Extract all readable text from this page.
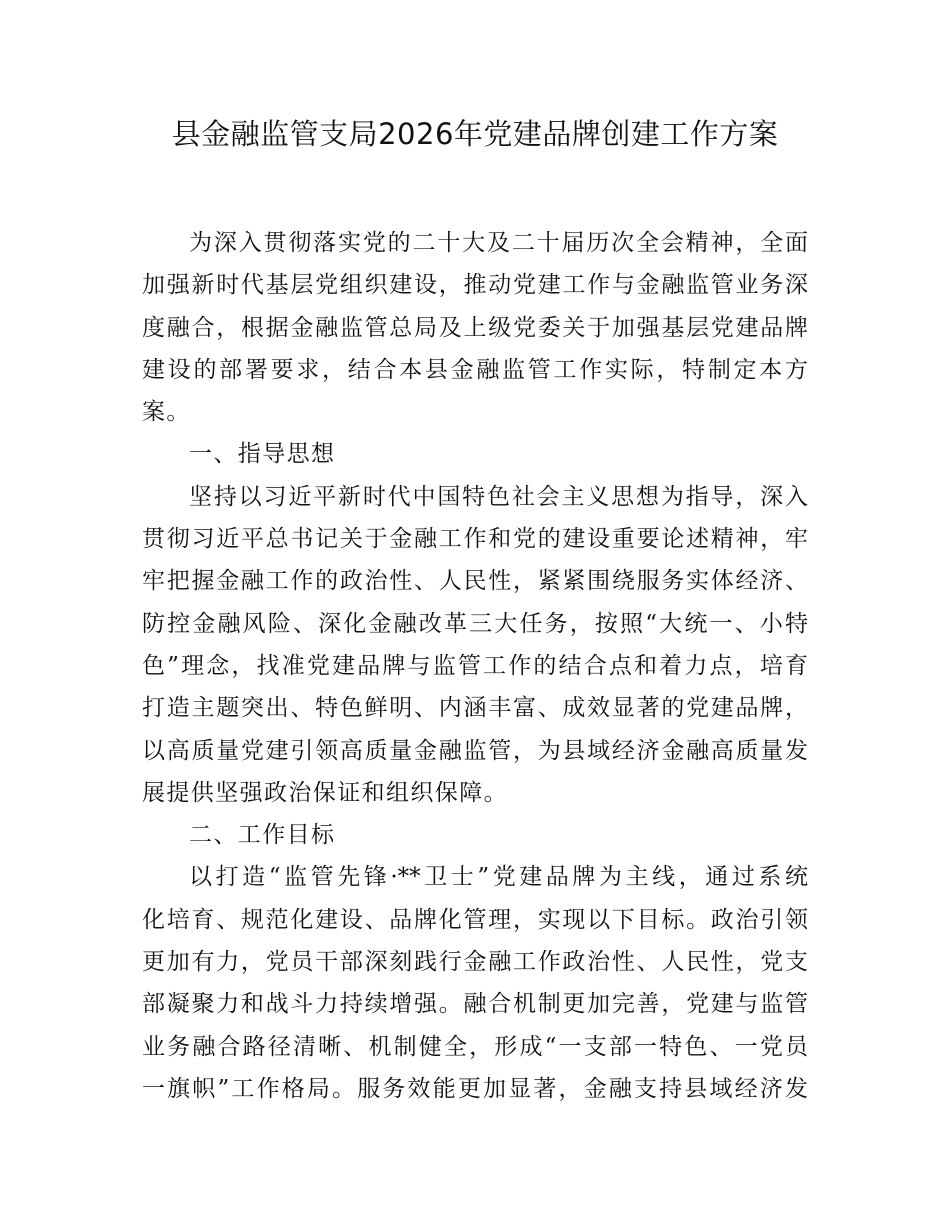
县金融监管支局2026年党建品牌创建工作方案
为深入贯彻落实党的二十大及二十届历次全会精神，全面
加强新时代基层党组织建设，推动党建工作与金融监管业务深
度融合，根据金融监管总局及上级党委关于加强基层党建品牌
建设的部署要求，结合本县金融监管工作实际，特制定本方
案。
一、指导思想
坚持以习近平新时代中国特色社会主义思想为指导，深入
贯彻习近平总书记关于金融工作和党的建设重要论述精神，牢
牢把握金融工作的政治性、人民性，紧紧围绕服务实体经济、
防控金融风险、深化金融改革三大任务，按照“大统一、小特
色”理念，找准党建品牌与监管工作的结合点和着力点，培育
打造主题突出、特色鲜明、内涵丰富、成效显著的党建品牌，
以高质量党建引领高质量金融监管，为县域经济金融高质量发
展提供坚强政治保证和组织保障。
二、工作目标
以打造“监管先锋·**卫士”党建品牌为主线，通过系统
化培育、规范化建设、品牌化管理，实现以下目标。政治引领
更加有力，党员干部深刻践行金融工作政治性、人民性，党支
部凝聚力和战斗力持续增强。融合机制更加完善，党建与监管
业务融合路径清晰、机制健全，形成“一支部一特色、一党员
一旗帜”工作格局。服务效能更加显著，金融支持县域经济发
